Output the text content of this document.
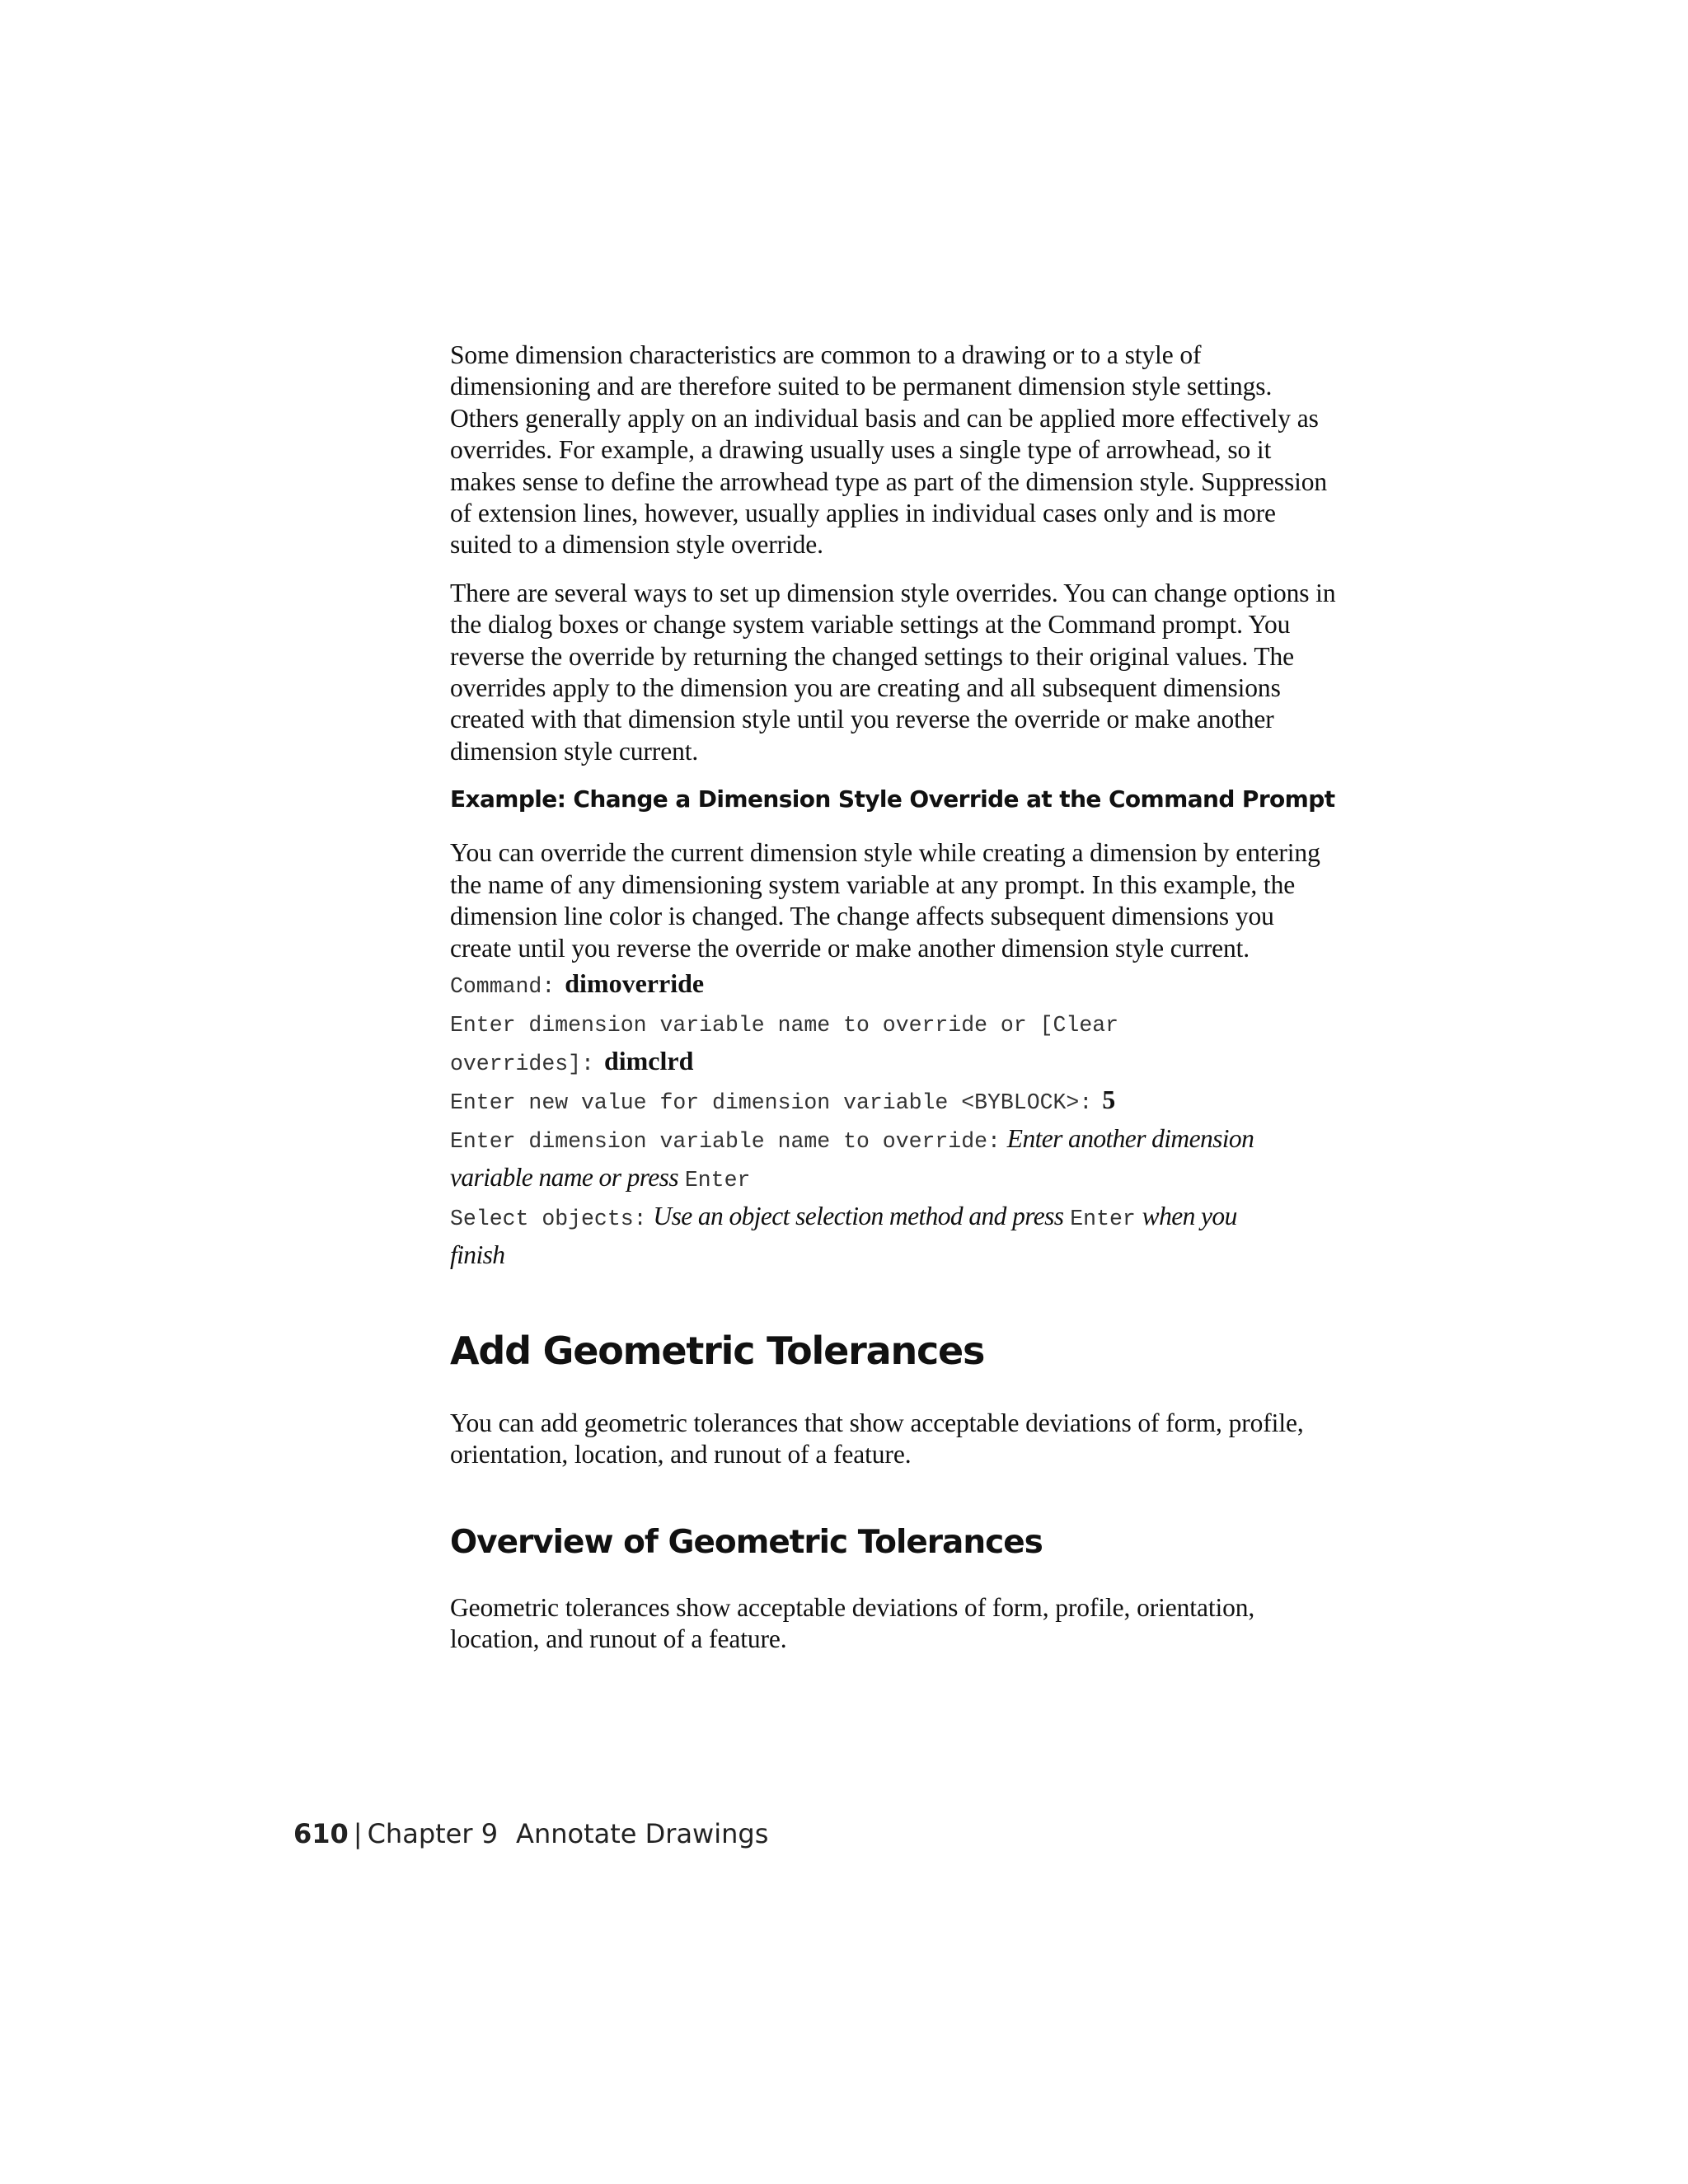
Some dimension characteristics are common to a drawing or to a style of dimensioning and are therefore suited to be permanent dimension style settings. Others generally apply on an individual basis and can be applied more effectively as overrides. For example, a drawing usually uses a single type of arrowhead, so it makes sense to define the arrowhead type as part of the dimension style. Suppression of extension lines, however, usually applies in individual cases only and is more suited to a dimension style override.

There are several ways to set up dimension style overrides. You can change options in the dialog boxes or change system variable settings at the Command prompt. You reverse the override by returning the changed settings to their original values. The overrides apply to the dimension you are creating and all subsequent dimensions created with that dimension style until you reverse the override or make another dimension style current.

Example: Change a Dimension Style Override at the Command Prompt

You can override the current dimension style while creating a dimension by entering the name of any dimensioning system variable at any prompt. In this example, the dimension line color is changed. The change affects subsequent dimensions you create until you reverse the override or make another dimension style current.

Command: dimoverride
Enter dimension variable name to override or [Clear
overrides]: dimclrd
Enter new value for dimension variable <BYBLOCK>: 5
Enter dimension variable name to override: Enter another dimension
variable name or press Enter
Select objects: Use an object selection method and press Enter when you
finish
Add Geometric Tolerances

You can add geometric tolerances that show acceptable deviations of form, profile, orientation, location, and runout of a feature.

Overview of Geometric Tolerances

Geometric tolerances show acceptable deviations of form, profile, orientation, location, and runout of a feature.

610 | Chapter 9 Annotate Drawings
